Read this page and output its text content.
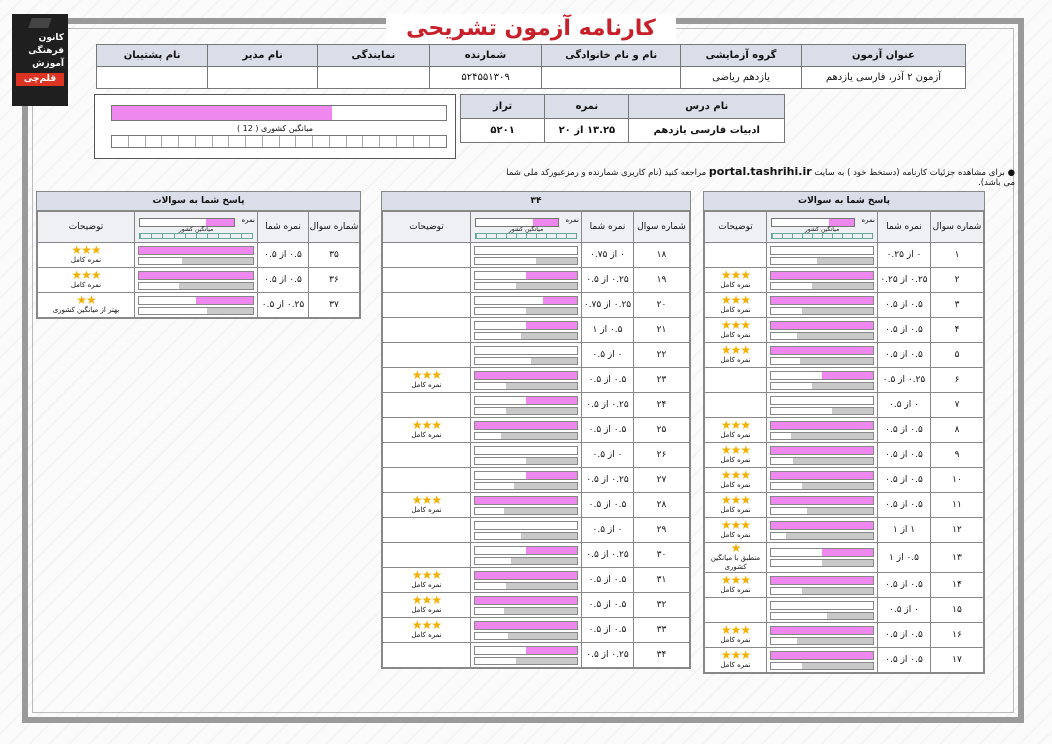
کانون
فرهنگی
آموزش
قلم‌چی
کارنامه آزمون تشریحی
نام پشتیبان	نام مدیر	نمایندگی	شمارنده	نام و نام خانوادگی	گروه آزمایشی	عنوان آزمون
			۵۲۴۵۵۱۳۰۹		یازدهم ریاضی	آزمون ۲ آذر، فارسی یازدهم
میانگین کشوری ( 12 )
نام درس	نمره	تراز
ادبیات فارسی یازدهم	۱۳.۲۵ از ۲۰	۵۲۰۱
● برای مشاهده جزئیات کارنامه (دستخط خود ) به سایت portal.tashrihi.ir مراجعه کنید (نام کاربری شمارنده و رمزعبورکد ملی شما می باشد).
پاسخ شما به سوالات
شماره سوال	نمره شما	نمره
میانگین کشور	توضیحات
۱	۰ از ۰.۲۵	

۲	۰.۲۵ از ۰.۲۵		★★★
نمره کامل

۳	۰.۵ از ۰.۵		★★★
نمره کامل

۴	۰.۵ از ۰.۵		★★★
نمره کامل

۵	۰.۵ از ۰.۵		★★★
نمره کامل

۶	۰.۲۵ از ۰.۵	

۷	۰ از ۰.۵	

۸	۰.۵ از ۰.۵		★★★
نمره کامل

۹	۰.۵ از ۰.۵		★★★
نمره کامل

۱۰	۰.۵ از ۰.۵		★★★
نمره کامل

۱۱	۰.۵ از ۰.۵		★★★
نمره کامل

۱۲	۱ از ۱		★★★
نمره کامل

۱۳	۰.۵ از ۱		★
منطبق با میانگین کشوری

۱۴	۰.۵ از ۰.۵		★★★
نمره کامل

۱۵	۰ از ۰.۵	

۱۶	۰.۵ از ۰.۵		★★★
نمره کامل

۱۷	۰.۵ از ۰.۵		★★★
نمره کامل
۳۴
شماره سوال	نمره شما	نمره
میانگین کشور	توضیحات
۱۸	۰ از ۰.۷۵	

۱۹	۰.۲۵ از ۰.۵	

۲۰	۰.۲۵ از ۰.۷۵	

۲۱	۰.۵ از ۱	

۲۲	۰ از ۰.۵	

۲۳	۰.۵ از ۰.۵		★★★
نمره کامل

۲۴	۰.۲۵ از ۰.۵	

۲۵	۰.۵ از ۰.۵		★★★
نمره کامل

۲۶	۰ از ۰.۵	

۲۷	۰.۲۵ از ۰.۵	

۲۸	۰.۵ از ۰.۵		★★★
نمره کامل

۲۹	۰ از ۰.۵	

۳۰	۰.۲۵ از ۰.۵	

۳۱	۰.۵ از ۰.۵		★★★
نمره کامل

۳۲	۰.۵ از ۰.۵		★★★
نمره کامل

۳۳	۰.۵ از ۰.۵		★★★
نمره کامل

۳۴	۰.۲۵ از ۰.۵	

پاسخ شما به سوالات
شماره سوال	نمره شما	نمره
میانگین کشور	توضیحات
۳۵	۰.۵ از ۰.۵		★★★
نمره کامل

۳۶	۰.۵ از ۰.۵		★★★
نمره کامل

۳۷	۰.۲۵ از ۰.۵		★★
بهتر از میانگین کشوری
